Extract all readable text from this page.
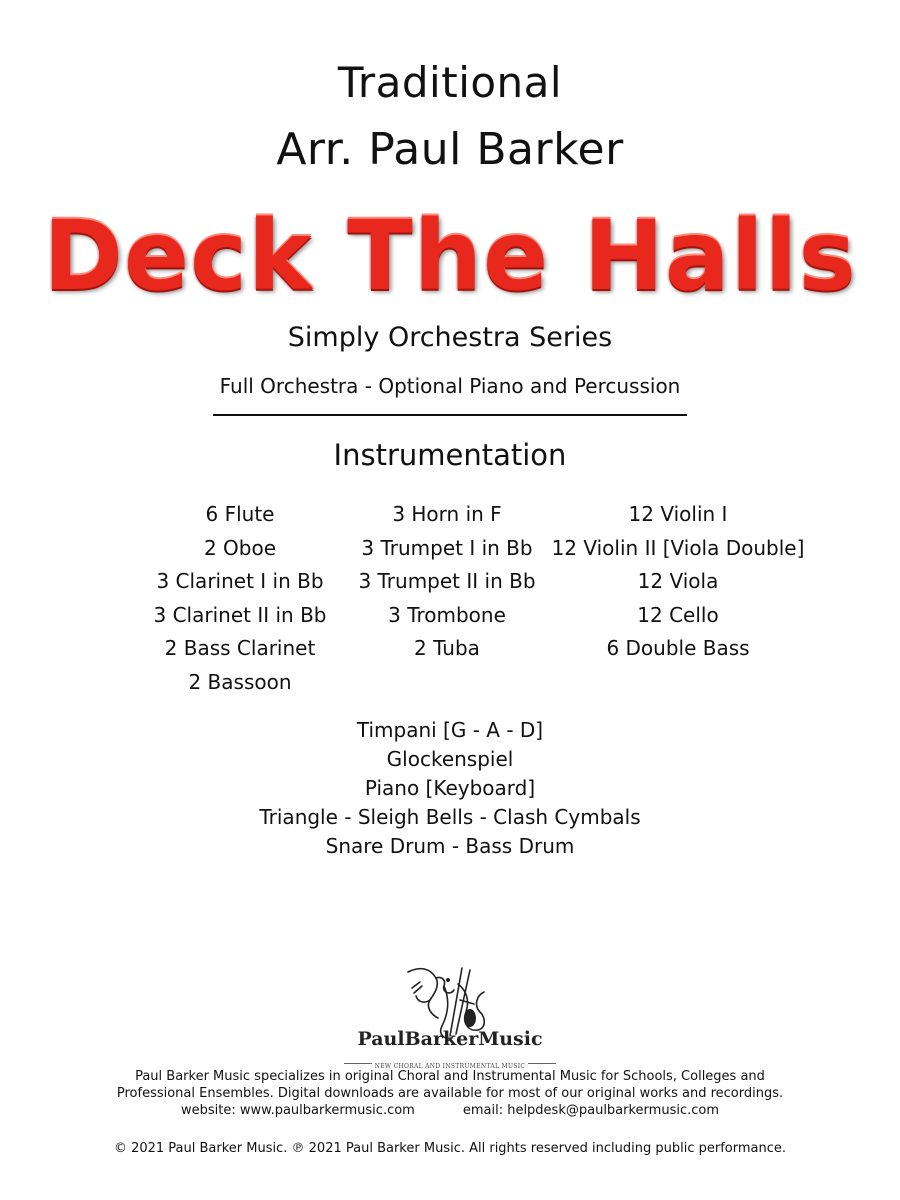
Traditional
Arr. Paul Barker
Deck The Halls
Simply Orchestra Series
Full Orchestra - Optional Piano and Percussion
Instrumentation
6 Flute
2 Oboe
3 Clarinet I in Bb
3 Clarinet II in Bb
2 Bass Clarinet
2 Bassoon
3 Horn in F
3 Trumpet I in Bb
3 Trumpet II in Bb
3 Trombone
2 Tuba
12 Violin I
12 Violin II [Viola Double]
12 Viola
12 Cello
6 Double Bass
Timpani [G - A - D]
Glockenspiel
Piano [Keyboard]
Triangle - Sleigh Bells - Clash Cymbals
Snare Drum - Bass Drum
PaulBarkerMusic
NEW CHORAL AND INSTRUMENTAL MUSIC
Paul Barker Music specializes in original Choral and Instrumental Music for Schools, Colleges and
Professional Ensembles. Digital downloads are available for most of our original works and recordings.
website: www.paulbarkermusic.com	email: helpdesk@paulbarkermusic.com
© 2021 Paul Barker Music. ℗ 2021 Paul Barker Music. All rights reserved including public performance.
